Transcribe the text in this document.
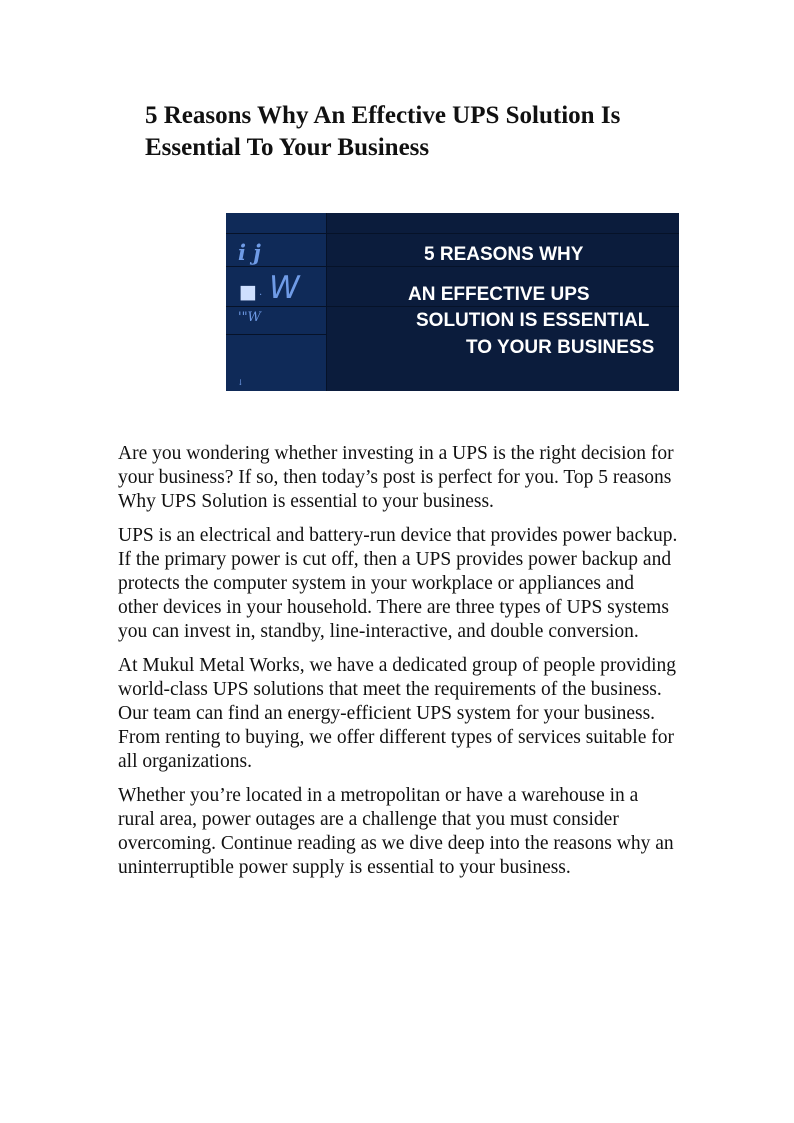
5 Reasons Why An Effective UPS Solution Is Essential To Your Business
i j
■ . W
'"W
↓
5 REASONS WHY
AN EFFECTIVE UPS
SOLUTION IS ESSENTIAL
TO YOUR BUSINESS

Are you wondering whether investing in a UPS is the right decision for your business? If so, then today’s post is perfect for you. Top 5 reasons Why UPS Solution is essential to your business.

UPS is an electrical and battery-run device that provides power backup. If the primary power is cut off, then a UPS provides power backup and protects the computer system in your workplace or appliances and other devices in your household. There are three types of UPS systems you can invest in, standby, line-interactive, and double conversion.

At Mukul Metal Works, we have a dedicated group of people providing world-class UPS solutions that meet the requirements of the business. Our team can find an energy-efficient UPS system for your business. From renting to buying, we offer different types of services suitable for all organizations.

Whether you’re located in a metropolitan or have a warehouse in a rural area, power outages are a challenge that you must consider overcoming. Continue reading as we dive deep into the reasons why an uninterruptible power supply is essential to your business.
